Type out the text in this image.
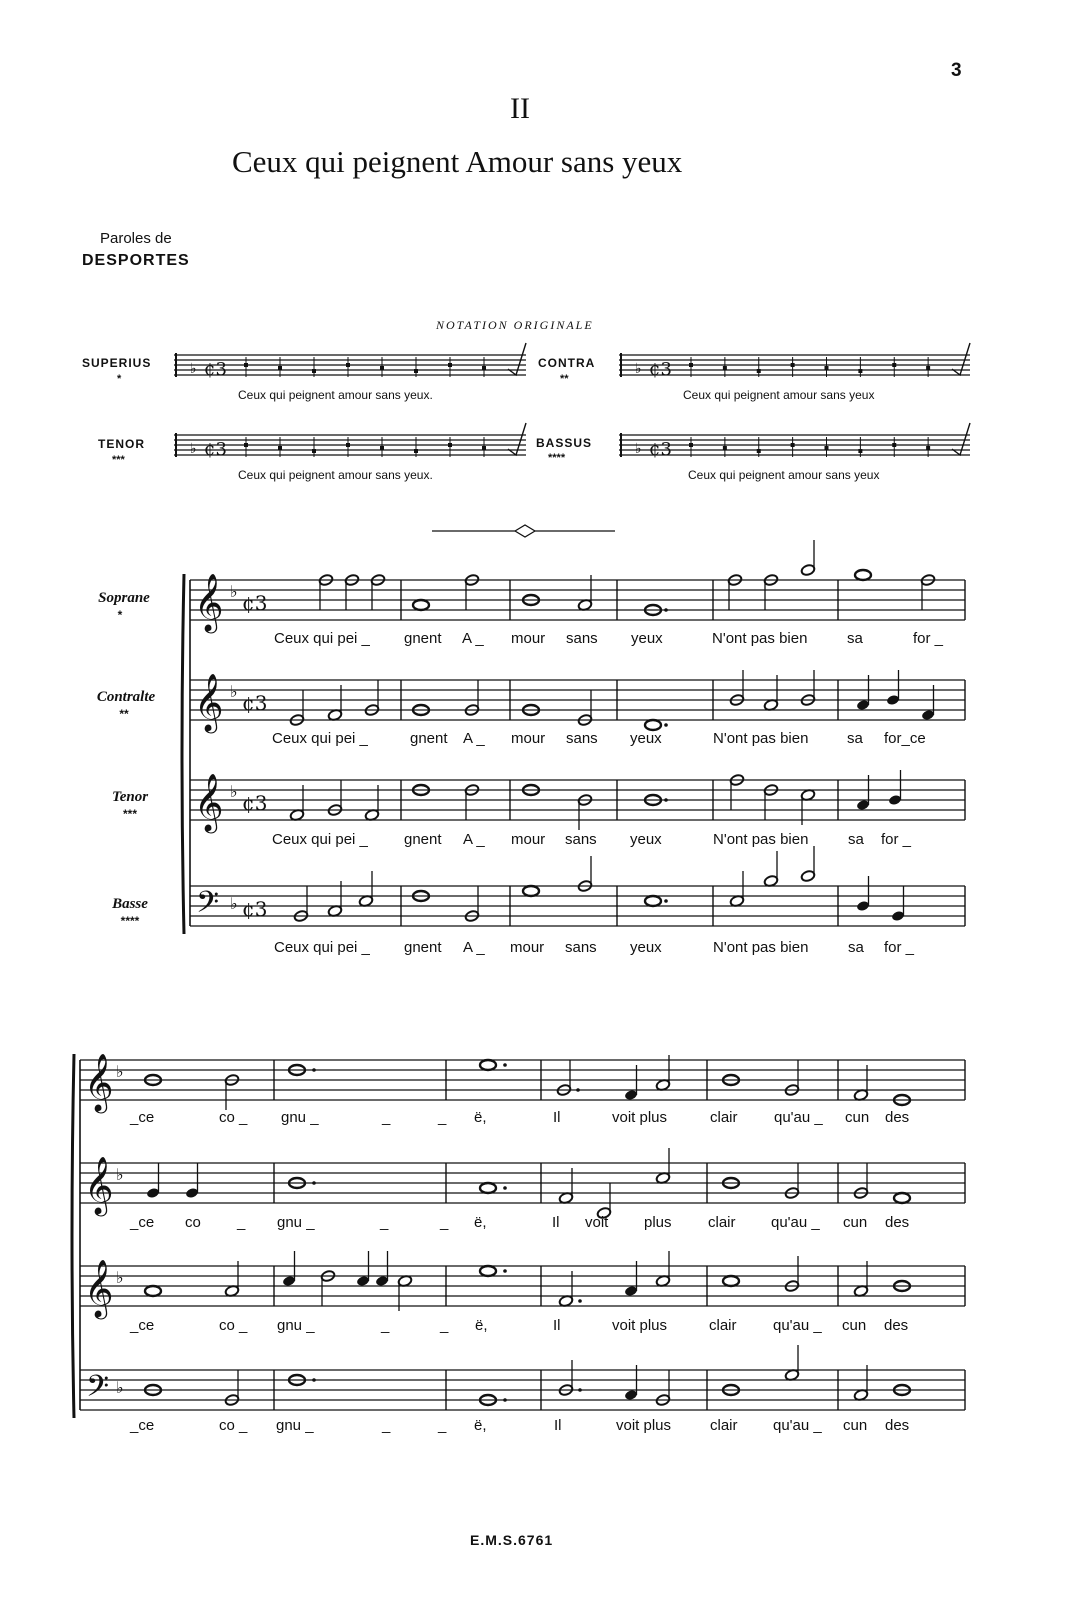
3
II
Ceux qui peignent Amour sans yeux
Paroles de
DESPORTES
NOTATION ORIGINALE
SUPERIUS
*
Ceux qui peignent amour sans yeux.
CONTRA
**
Ceux qui peignent amour sans yeux
TENOR
***
Ceux qui peignent amour sans yeux.
BASSUS
****
Ceux qui peignent amour sans yeux
Soprane
*
Contralte
**
Tenor
***
Basse
****
Ceux qui pei _ gnent A _ mour sans yeux	N'ont pas bien	sa	for _
Ceux qui pei _	gnent A _ mour sans yeux	N'ont pas bien	sa for_ce
Ceux qui pei _ gnent A _ mour sans yeux	N'ont pas bien	sa for _
Ceux qui pei _ gnent A _ mour sans yeux	N'ont pas bien	sa for _
_ce	co _ gnu _	_	_ ë,	Il	voit plus	clair qu'au _ cun des
_ce co _ gnu _	_	_ ë,	Il voit plus clair qu'au _ cun des
_ce	co _ gnu _	_	_ ë,	Il	voit plus	clair qu'au _ cun des
_ce	co _ gnu _	_	_ ë,	Il	voit plus	clair qu'au _ cun des
E.M.S.6761
♭ ¢3	♭ ¢3
♭ ¢3	♭ ¢3
𝄞 ♭ ¢3
𝄞 ♭ ¢3
𝄞 ♭ ¢3
𝄢 ♭ ¢3
𝄞 ♭
𝄞 ♭
𝄞 ♭
𝄢 ♭
